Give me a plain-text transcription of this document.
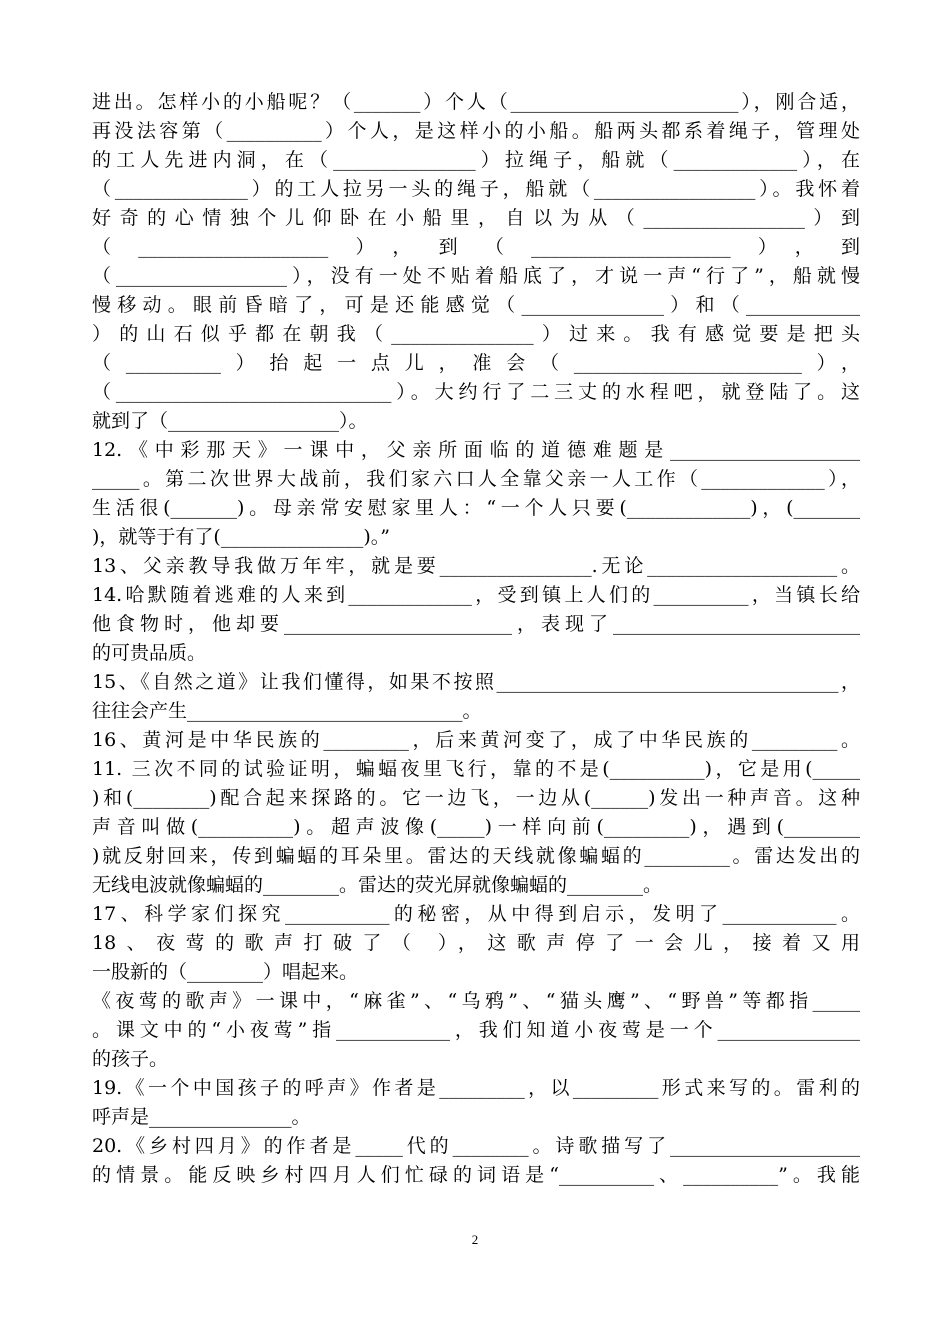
进出。怎样小的小船呢？（_______）个人（________________________），刚合适，
再没法容第（__________）个人，是这样小的小船。船两头都系着绳子，管理处
的工人先进内洞，在（_______________）拉绳子，船就（_____________），在
（______________）的工人拉另一头的绳子，船就（_________________）。我怀着
好奇的心情独个儿仰卧在小船里，自以为从（_________________）到
（____________________），到（_____________________），到
（__________________），没有一处不贴着船底了，才说一声“行了”，船就慢
慢移动。眼前昏暗了，可是还能感觉（_______________）和（____________
）的山石似乎都在朝我（_______________）过来。我有感觉要是把头
（__________）抬起一点儿，准会（________________________），
（_____________________________）。大约行了二三丈的水程吧，就登陆了。这
就到了（__________________）。
12.《中彩那天》一课中，父亲所面临的道德难题是____________________
_____。第二次世界大战前，我们家六口人全靠父亲一人工作（_____________），
生活很(_______)。母亲常安慰家里人：“一个人只要(_____________)，(_______
)，就等于有了(_______________)。”
13、父亲教导我做万年牢，就是要________________.无论____________________。
14.哈默随着逃难的人来到_____________，受到镇上人们的__________，当镇长给
他食物时，他却要________________________，表现了__________________________
的可贵品质。
15、《自然之道》让我们懂得，如果不按照____________________________________，
往往会产生_____________________________。
16、黄河是中华民族的_________，后来黄河变了，成了中华民族的_________。
11. 三次不同的试验证明，蝙蝠夜里飞行，靠的不是(__________)，它是用(_____
)和(________)配合起来探路的。它一边飞，一边从(______)发出一种声音。这种
声音叫做(__________)。超声波像(_____)一样向前(_________)，遇到(________
)就反射回来，传到蝙蝠的耳朵里。雷达的天线就像蝙蝠的_________。雷达发出的
无线电波就像蝙蝠的________。雷达的荧光屏就像蝙蝠的________。
17、科学家们探究___________的秘密，从中得到启示，发明了____________。
18、夜莺的歌声打破了（ ），这歌声停了一会儿，接着又用
一股新的（________）唱起来。
《夜莺的歌声》一课中，“麻雀”、“乌鸦”、“猫头鹰”、“野兽”等都指_____
。课文中的“小夜莺”指____________，我们知道小夜莺是一个_______________
的孩子。
19.《一个中国孩子的呼声》作者是_________，以_________形式来写的。雷利的
呼声是_______________。
20.《乡村四月》的作者是_____代的________。诗歌描写了____________________
的情景。能反映乡村四月人们忙碌的词语是“__________、__________”。我能
2
